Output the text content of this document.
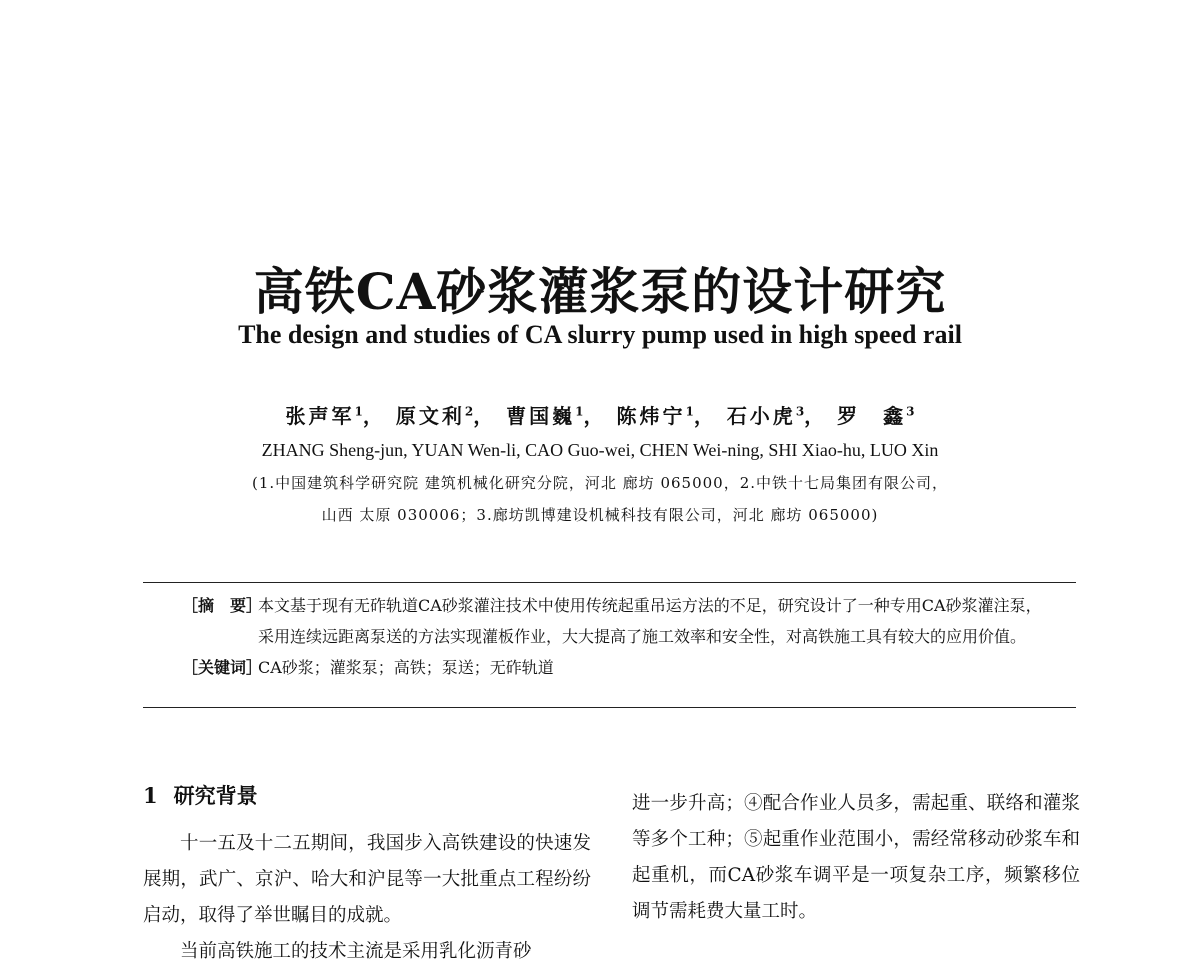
高铁CA砂浆灌浆泵的设计研究
The design and studies of CA slurry pump used in high speed rail
张声军$^1$， 原文利$^2$， 曹国巍$^1$， 陈炜宁$^1$， 石小虎$^3$， 罗　鑫$^3$
ZHANG Sheng-jun, YUAN Wen-li, CAO Guo-wei, CHEN Wei-ning, SHI Xiao-hu, LUO Xin
(1.中国建筑科学研究院 建筑机械化研究分院，河北 廊坊 065000，2.中铁十七局集团有限公司，
山西 太原 030006；3.廊坊凯博建设机械科技有限公司，河北 廊坊 065000)
［摘　要］
本文基于现有无砟轨道CA砂浆灌注技术中使用传统起重吊运方法的不足，研究设计了一种专用CA砂浆灌注泵，采用连续远距离泵送的方法实现灌板作业，大大提高了施工效率和安全性，对高铁施工具有较大的应用价值。
［关键词］
CA砂浆；灌浆泵；高铁；泵送；无砟轨道
1 研究背景

十一五及十二五期间，我国步入高铁建设的快速发展期，武广、京沪、哈大和沪昆等一大批重点工程纷纷启动，取得了举世瞩目的成就。

当前高铁施工的技术主流是采用乳化沥青砂

进一步升高；④配合作业人员多，需起重、联络和灌浆等多个工种；⑤起重作业范围小，需经常移动砂浆车和起重机，而CA砂浆车调平是一项复杂工序，频繁移位调节需耗费大量工时。
